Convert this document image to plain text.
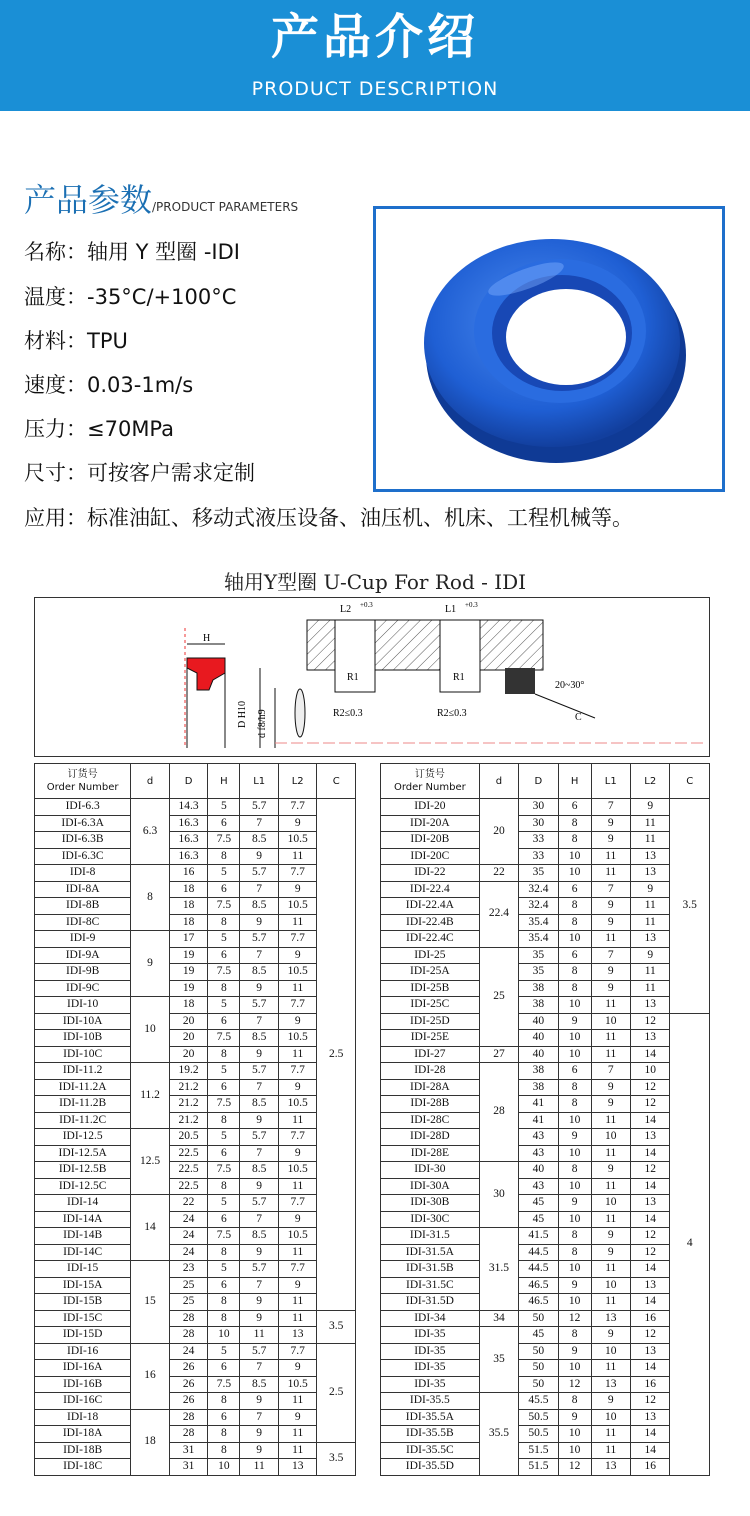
产品介绍
PRODUCT DESCRIPTION
产品参数/PRODUCT PARAMETERS
名称：轴用 Y 型圈 -IDI
温度：-35°C/+100°C
材料：TPU
速度：0.03-1m/s
压力：≤70MPa
尺寸：可按客户需求定制
应用：标准油缸、移动式液压设备、油压机、机床、工程机械等。
轴用Y型圈 U-Cup For Rod - IDI
H
D H10 d f8/h9
L2	L1
+0.3	+0.3
R1	R1
R2≤0.3	R2≤0.3
20~30°
C
订货号
Order Number	d	D	H	L1	L2	C
IDI-6.3	6.3	14.3	5	5.7	7.7	2.5
IDI-6.3A		16.3	6	7	9	
IDI-6.3B		16.3	7.5	8.5	10.5	
IDI-6.3C		16.3	8	9	11	
IDI-8	8	16	5	5.7	7.7	
IDI-8A		18	6	7	9	
IDI-8B		18	7.5	8.5	10.5	
IDI-8C		18	8	9	11	
IDI-9	9	17	5	5.7	7.7	
IDI-9A		19	6	7	9	
IDI-9B		19	7.5	8.5	10.5	
IDI-9C		19	8	9	11	
IDI-10	10	18	5	5.7	7.7	
IDI-10A		20	6	7	9	
IDI-10B		20	7.5	8.5	10.5	
IDI-10C		20	8	9	11	
IDI-11.2	11.2	19.2	5	5.7	7.7	
IDI-11.2A		21.2	6	7	9	
IDI-11.2B		21.2	7.5	8.5	10.5	
IDI-11.2C		21.2	8	9	11	
IDI-12.5	12.5	20.5	5	5.7	7.7	
IDI-12.5A		22.5	6	7	9	
IDI-12.5B		22.5	7.5	8.5	10.5	
IDI-12.5C		22.5	8	9	11	
IDI-14	14	22	5	5.7	7.7	
IDI-14A		24	6	7	9	
IDI-14B		24	7.5	8.5	10.5	
IDI-14C		24	8	9	11	
IDI-15	15	23	5	5.7	7.7	
IDI-15A		25	6	7	9	
IDI-15B		25	8	9	11	
IDI-15C		28	8	9	11	3.5
IDI-15D		28	10	11	13	
IDI-16	16	24	5	5.7	7.7	2.5
IDI-16A		26	6	7	9	
IDI-16B		26	7.5	8.5	10.5	
IDI-16C		26	8	9	11	
IDI-18	18	28	6	7	9	
IDI-18A		28	8	9	11	
IDI-18B		31	8	9	11	3.5
IDI-18C		31	10	11	13	
订货号
Order Number	d	D	H	L1	L2	C
IDI-20	20	30	6	7	9	3.5
IDI-20A		30	8	9	11	
IDI-20B		33	8	9	11	
IDI-20C		33	10	11	13	
IDI-22	22	35	10	11	13	
IDI-22.4	22.4	32.4	6	7	9	
IDI-22.4A		32.4	8	9	11	
IDI-22.4B		35.4	8	9	11	
IDI-22.4C		35.4	10	11	13	
IDI-25	25	35	6	7	9	
IDI-25A		35	8	9	11	
IDI-25B		38	8	9	11	
IDI-25C		38	10	11	13	
IDI-25D		40	9	10	12	4
IDI-25E		40	10	11	13	
IDI-27	27	40	10	11	14	
IDI-28	28	38	6	7	10	
IDI-28A		38	8	9	12	
IDI-28B		41	8	9	12	
IDI-28C		41	10	11	14	
IDI-28D		43	9	10	13	
IDI-28E		43	10	11	14	
IDI-30	30	40	8	9	12	
IDI-30A		43	10	11	14	
IDI-30B		45	9	10	13	
IDI-30C		45	10	11	14	
IDI-31.5	31.5	41.5	8	9	12	
IDI-31.5A		44.5	8	9	12	
IDI-31.5B		44.5	10	11	14	
IDI-31.5C		46.5	9	10	13	
IDI-31.5D		46.5	10	11	14	
IDI-34	34	50	12	13	16	
IDI-35	35	45	8	9	12	
IDI-35		50	9	10	13	
IDI-35		50	10	11	14	
IDI-35		50	12	13	16	
IDI-35.5	35.5	45.5	8	9	12	
IDI-35.5A		50.5	9	10	13	
IDI-35.5B		50.5	10	11	14	
IDI-35.5C		51.5	10	11	14	
IDI-35.5D		51.5	12	13	16	
